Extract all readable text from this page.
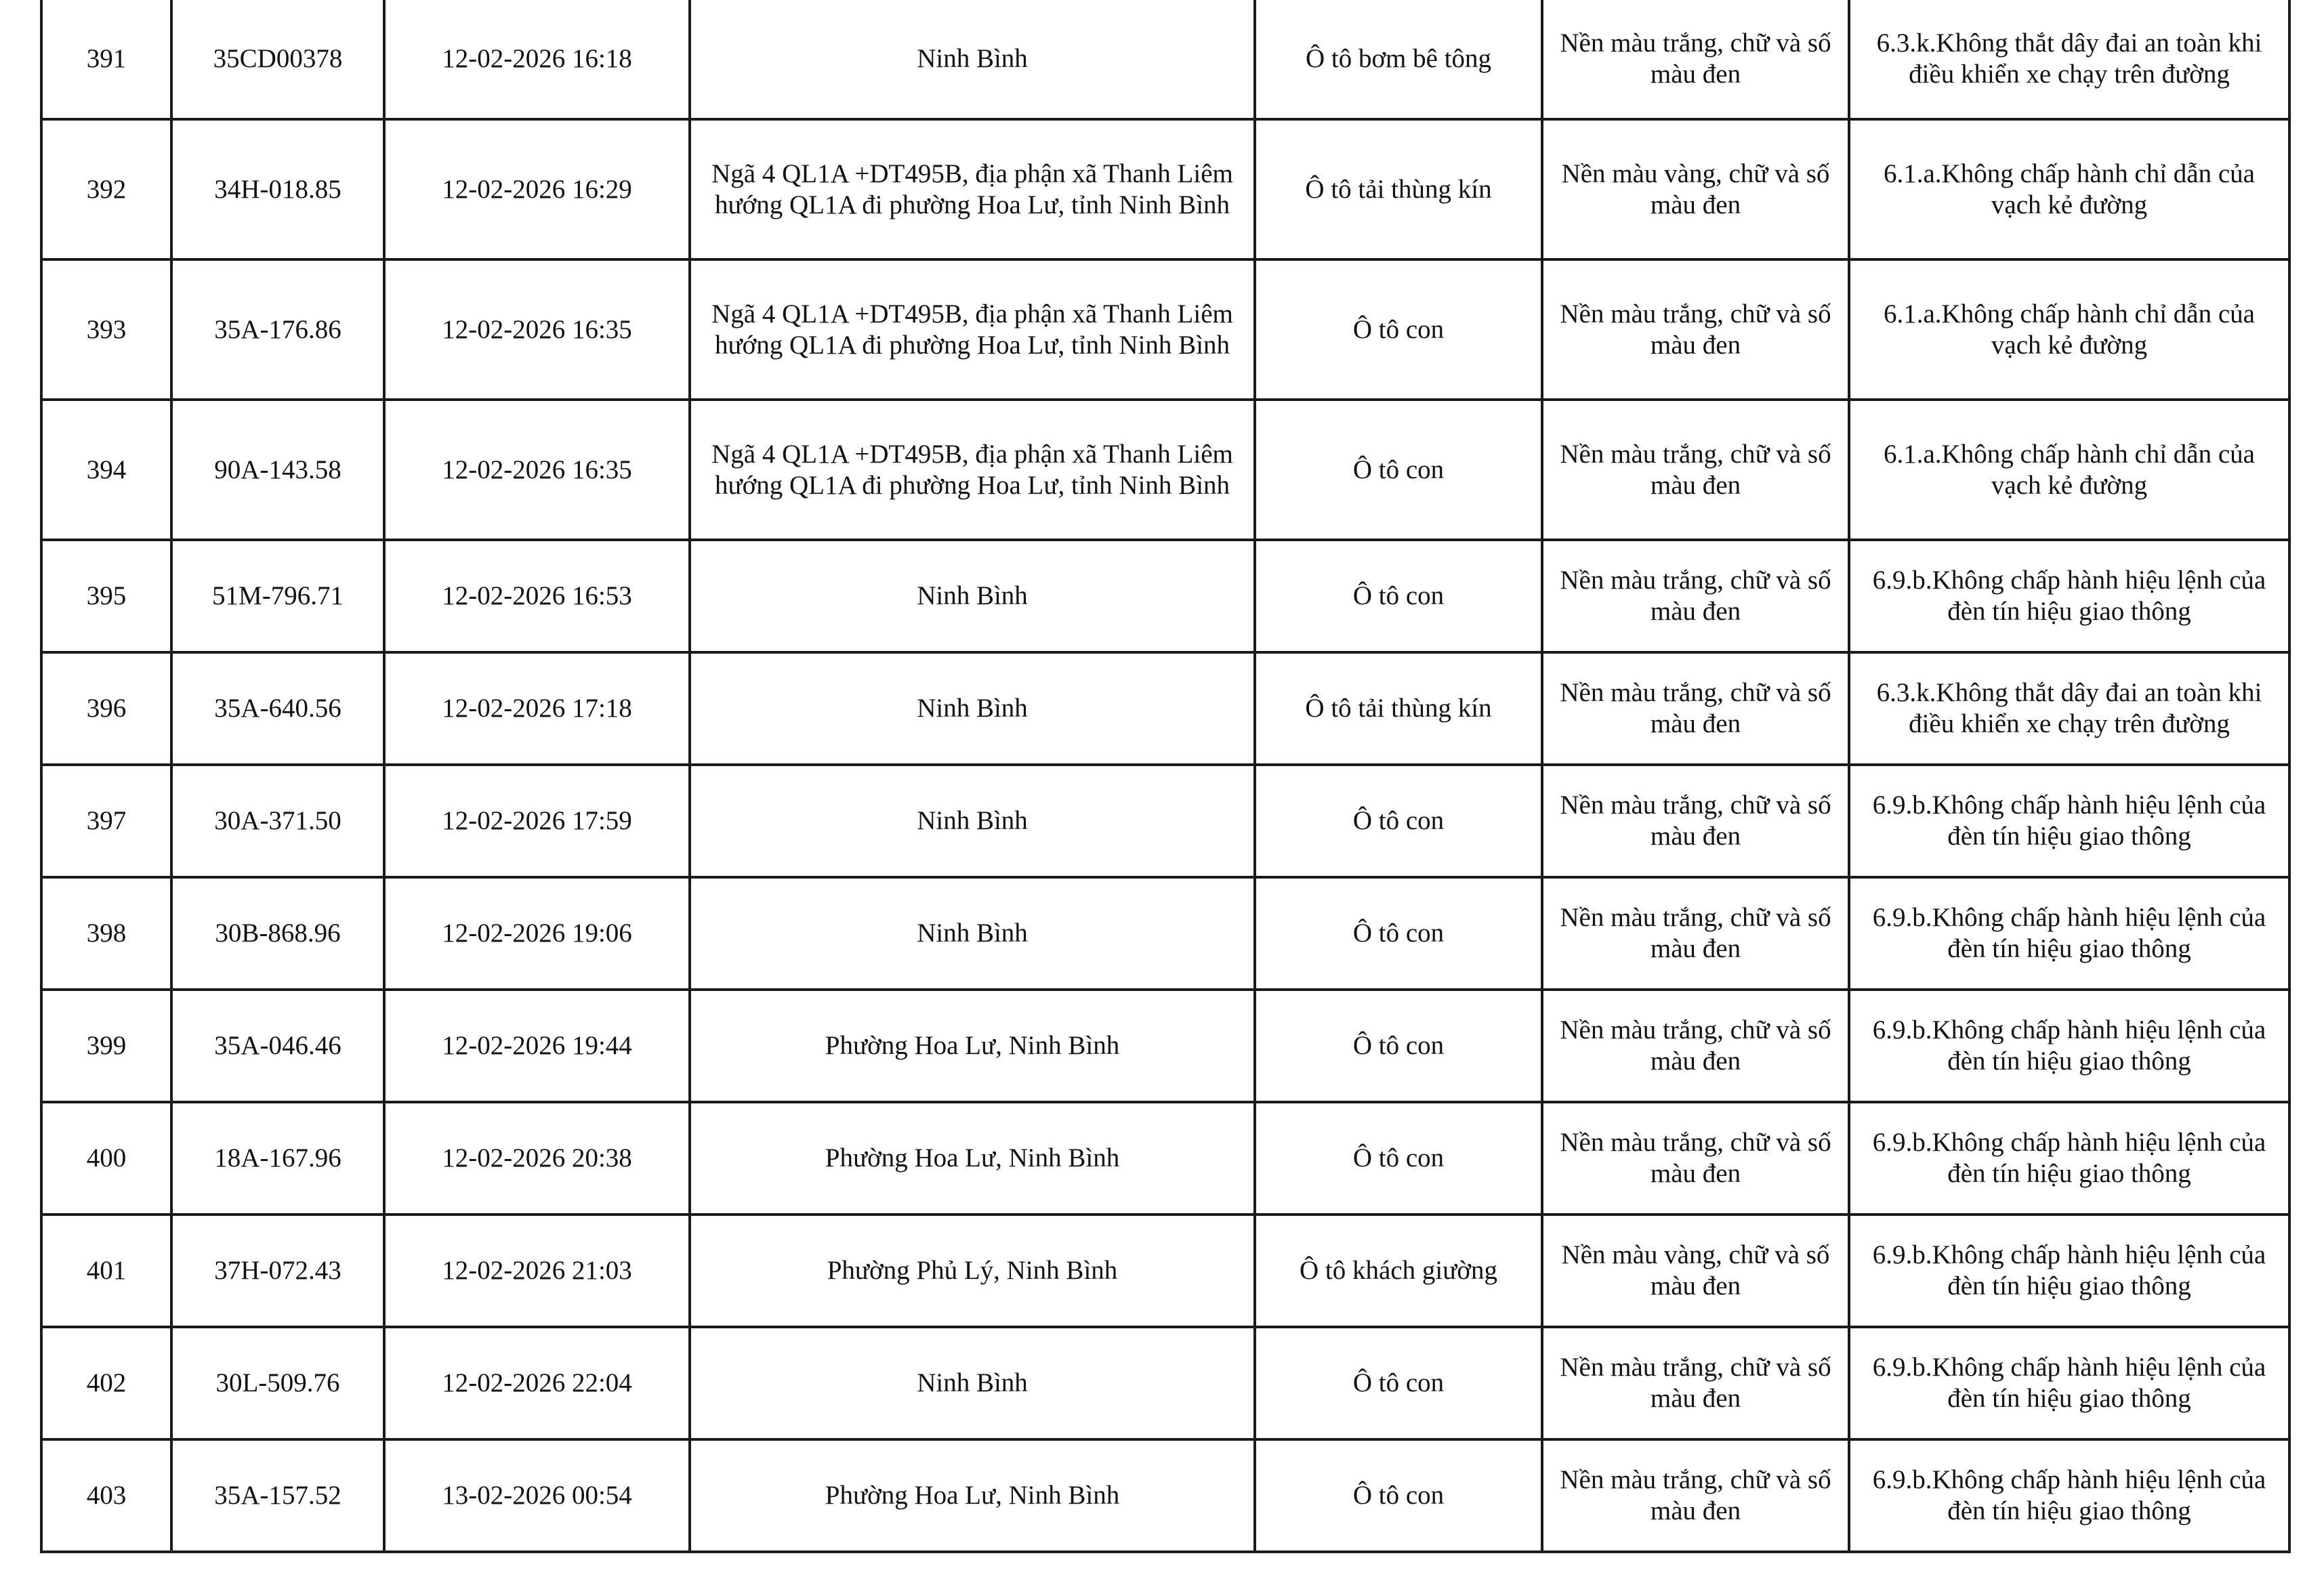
391	35CD00378	12-02-2026 16:18	Ninh Bình	Ô tô bơm bê tông	Nền màu trắng, chữ và số màu đen	6.3.k.Không thắt dây đai an toàn khi điều khiển xe chạy trên đường
392	34H-018.85	12-02-2026 16:29	Ngã 4 QL1A +DT495B, địa phận xã Thanh Liêm hướng QL1A đi phường Hoa Lư, tỉnh Ninh Bình	Ô tô tải thùng kín	Nền màu vàng, chữ và số màu đen	6.1.a.Không chấp hành chỉ dẫn của vạch kẻ đường
393	35A-176.86	12-02-2026 16:35	Ngã 4 QL1A +DT495B, địa phận xã Thanh Liêm hướng QL1A đi phường Hoa Lư, tỉnh Ninh Bình	Ô tô con	Nền màu trắng, chữ và số màu đen	6.1.a.Không chấp hành chỉ dẫn của vạch kẻ đường
394	90A-143.58	12-02-2026 16:35	Ngã 4 QL1A +DT495B, địa phận xã Thanh Liêm hướng QL1A đi phường Hoa Lư, tỉnh Ninh Bình	Ô tô con	Nền màu trắng, chữ và số màu đen	6.1.a.Không chấp hành chỉ dẫn của vạch kẻ đường
395	51M-796.71	12-02-2026 16:53	Ninh Bình	Ô tô con	Nền màu trắng, chữ và số màu đen	6.9.b.Không chấp hành hiệu lệnh của đèn tín hiệu giao thông
396	35A-640.56	12-02-2026 17:18	Ninh Bình	Ô tô tải thùng kín	Nền màu trắng, chữ và số màu đen	6.3.k.Không thắt dây đai an toàn khi điều khiển xe chạy trên đường
397	30A-371.50	12-02-2026 17:59	Ninh Bình	Ô tô con	Nền màu trắng, chữ và số màu đen	6.9.b.Không chấp hành hiệu lệnh của đèn tín hiệu giao thông
398	30B-868.96	12-02-2026 19:06	Ninh Bình	Ô tô con	Nền màu trắng, chữ và số màu đen	6.9.b.Không chấp hành hiệu lệnh của đèn tín hiệu giao thông
399	35A-046.46	12-02-2026 19:44	Phường Hoa Lư, Ninh Bình	Ô tô con	Nền màu trắng, chữ và số màu đen	6.9.b.Không chấp hành hiệu lệnh của đèn tín hiệu giao thông
400	18A-167.96	12-02-2026 20:38	Phường Hoa Lư, Ninh Bình	Ô tô con	Nền màu trắng, chữ và số màu đen	6.9.b.Không chấp hành hiệu lệnh của đèn tín hiệu giao thông
401	37H-072.43	12-02-2026 21:03	Phường Phủ Lý, Ninh Bình	Ô tô khách giường	Nền màu vàng, chữ và số màu đen	6.9.b.Không chấp hành hiệu lệnh của đèn tín hiệu giao thông
402	30L-509.76	12-02-2026 22:04	Ninh Bình	Ô tô con	Nền màu trắng, chữ và số màu đen	6.9.b.Không chấp hành hiệu lệnh của đèn tín hiệu giao thông
403	35A-157.52	13-02-2026 00:54	Phường Hoa Lư, Ninh Bình	Ô tô con	Nền màu trắng, chữ và số màu đen	6.9.b.Không chấp hành hiệu lệnh của đèn tín hiệu giao thông
